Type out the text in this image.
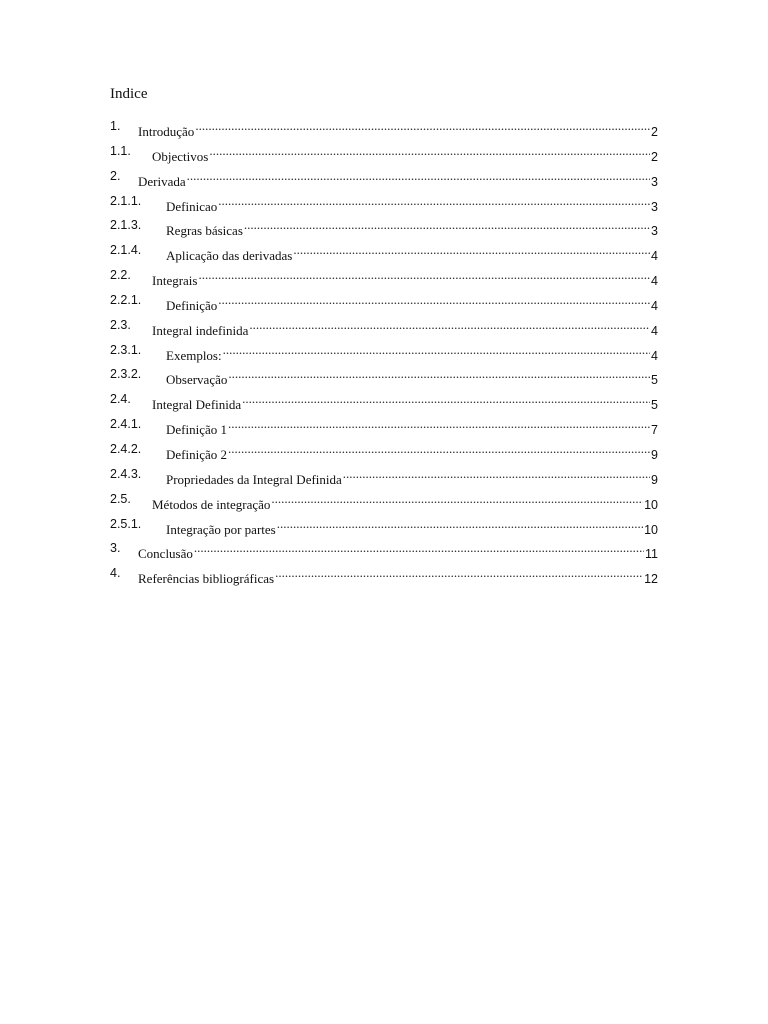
Indice
1. Introdução .....	2
1.1. Objectivos .....	2
2. Derivada .....	3
2.1.1. Definicao .....	3
2.1.3. Regras básicas .....	3
2.1.4. Aplicação das derivadas .....	4
2.2. Integrais .....	4
2.2.1. Definição .....	4
2.3. Integral indefinida .....	4
2.3.1. Exemplos: .....	4
2.3.2. Observação .....	5
2.4. Integral Definida .....	5
2.4.1. Definição 1 .....	7
2.4.2. Definição 2 .....	9
2.4.3. Propriedades da Integral Definida .....	9
2.5. Métodos de integração .....	10
2.5.1. Integração por partes .....	10
3. Conclusão .....	11
4. Referências bibliográficas .....	12
